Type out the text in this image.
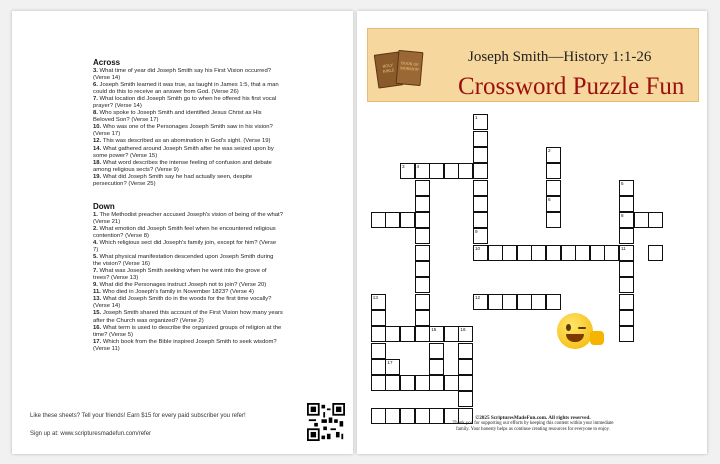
Across
3. What time of year did Joseph Smith say his First Vision occurred? (Verse 14)
6. Joseph Smith learned it was true, as taught in James 1:5, that a man could do this to receive an answer from God. (Verse 26)
7. What location did Joseph Smith go to when he offered his first vocal prayer? (Verse 14)
8. Who spoke to Joseph Smith and identified Jesus Christ as His Beloved Son? (Verse 17)
10. Who was one of the Personages Joseph Smith saw in his vision? (Verse 17)
12. This was described as an abomination in God's sight. (Verse 19)
14. What gathered around Joseph Smith after he was seized upon by some power? (Verse 15)
18. What word describes the intense feeling of confusion and debate among religious sects? (Verse 9)
19. What did Joseph Smith say he had actually seen, despite persecution? (Verse 25)
Down
1. The Methodist preacher accused Joseph's vision of being of the what? (Verse 21)
2. What emotion did Joseph Smith feel when he encountered religious contention? (Verse 8)
4. Which religious sect did Joseph's family join, except for him? (Verse 7)
5. What physical manifestation descended upon Joseph Smith during the vision? (Verse 16)
7. What was Joseph Smith seeking when he went into the grove of trees? (Verse 13)
9. What did the Personages instruct Joseph not to join? (Verse 20)
11. Who died in Joseph's family in November 1823? (Verse 4)
13. What did Joseph Smith do in the woods for the first time vocally? (Verse 14)
15. Joseph Smith shared this account of the First Vision how many years after the Church was organized? (Verse 2)
16. What term is used to describe the organized groups of religion at the time? (Verse 5)
17. Which book from the Bible inspired Joseph Smith to seek wisdom? (Verse 11)
Like these sheets? Tell your friends! Earn $15 for every paid subscriber you refer!
Sign up at: www.scripturesmadefun.com/refer
HOLY BIBLE
BOOK OF MORMON
Joseph Smith—History 1:1-26
Crossword Puzzle Fun
1
9
10
2
6
3	4
5
8
11
12
13
15	16
17
©2025 ScripturesMadeFun.com. All rights reserved.
Thank you for supporting our efforts by keeping this content within your immediate
family. Your honesty helps us continue creating resources for everyone to enjoy.
